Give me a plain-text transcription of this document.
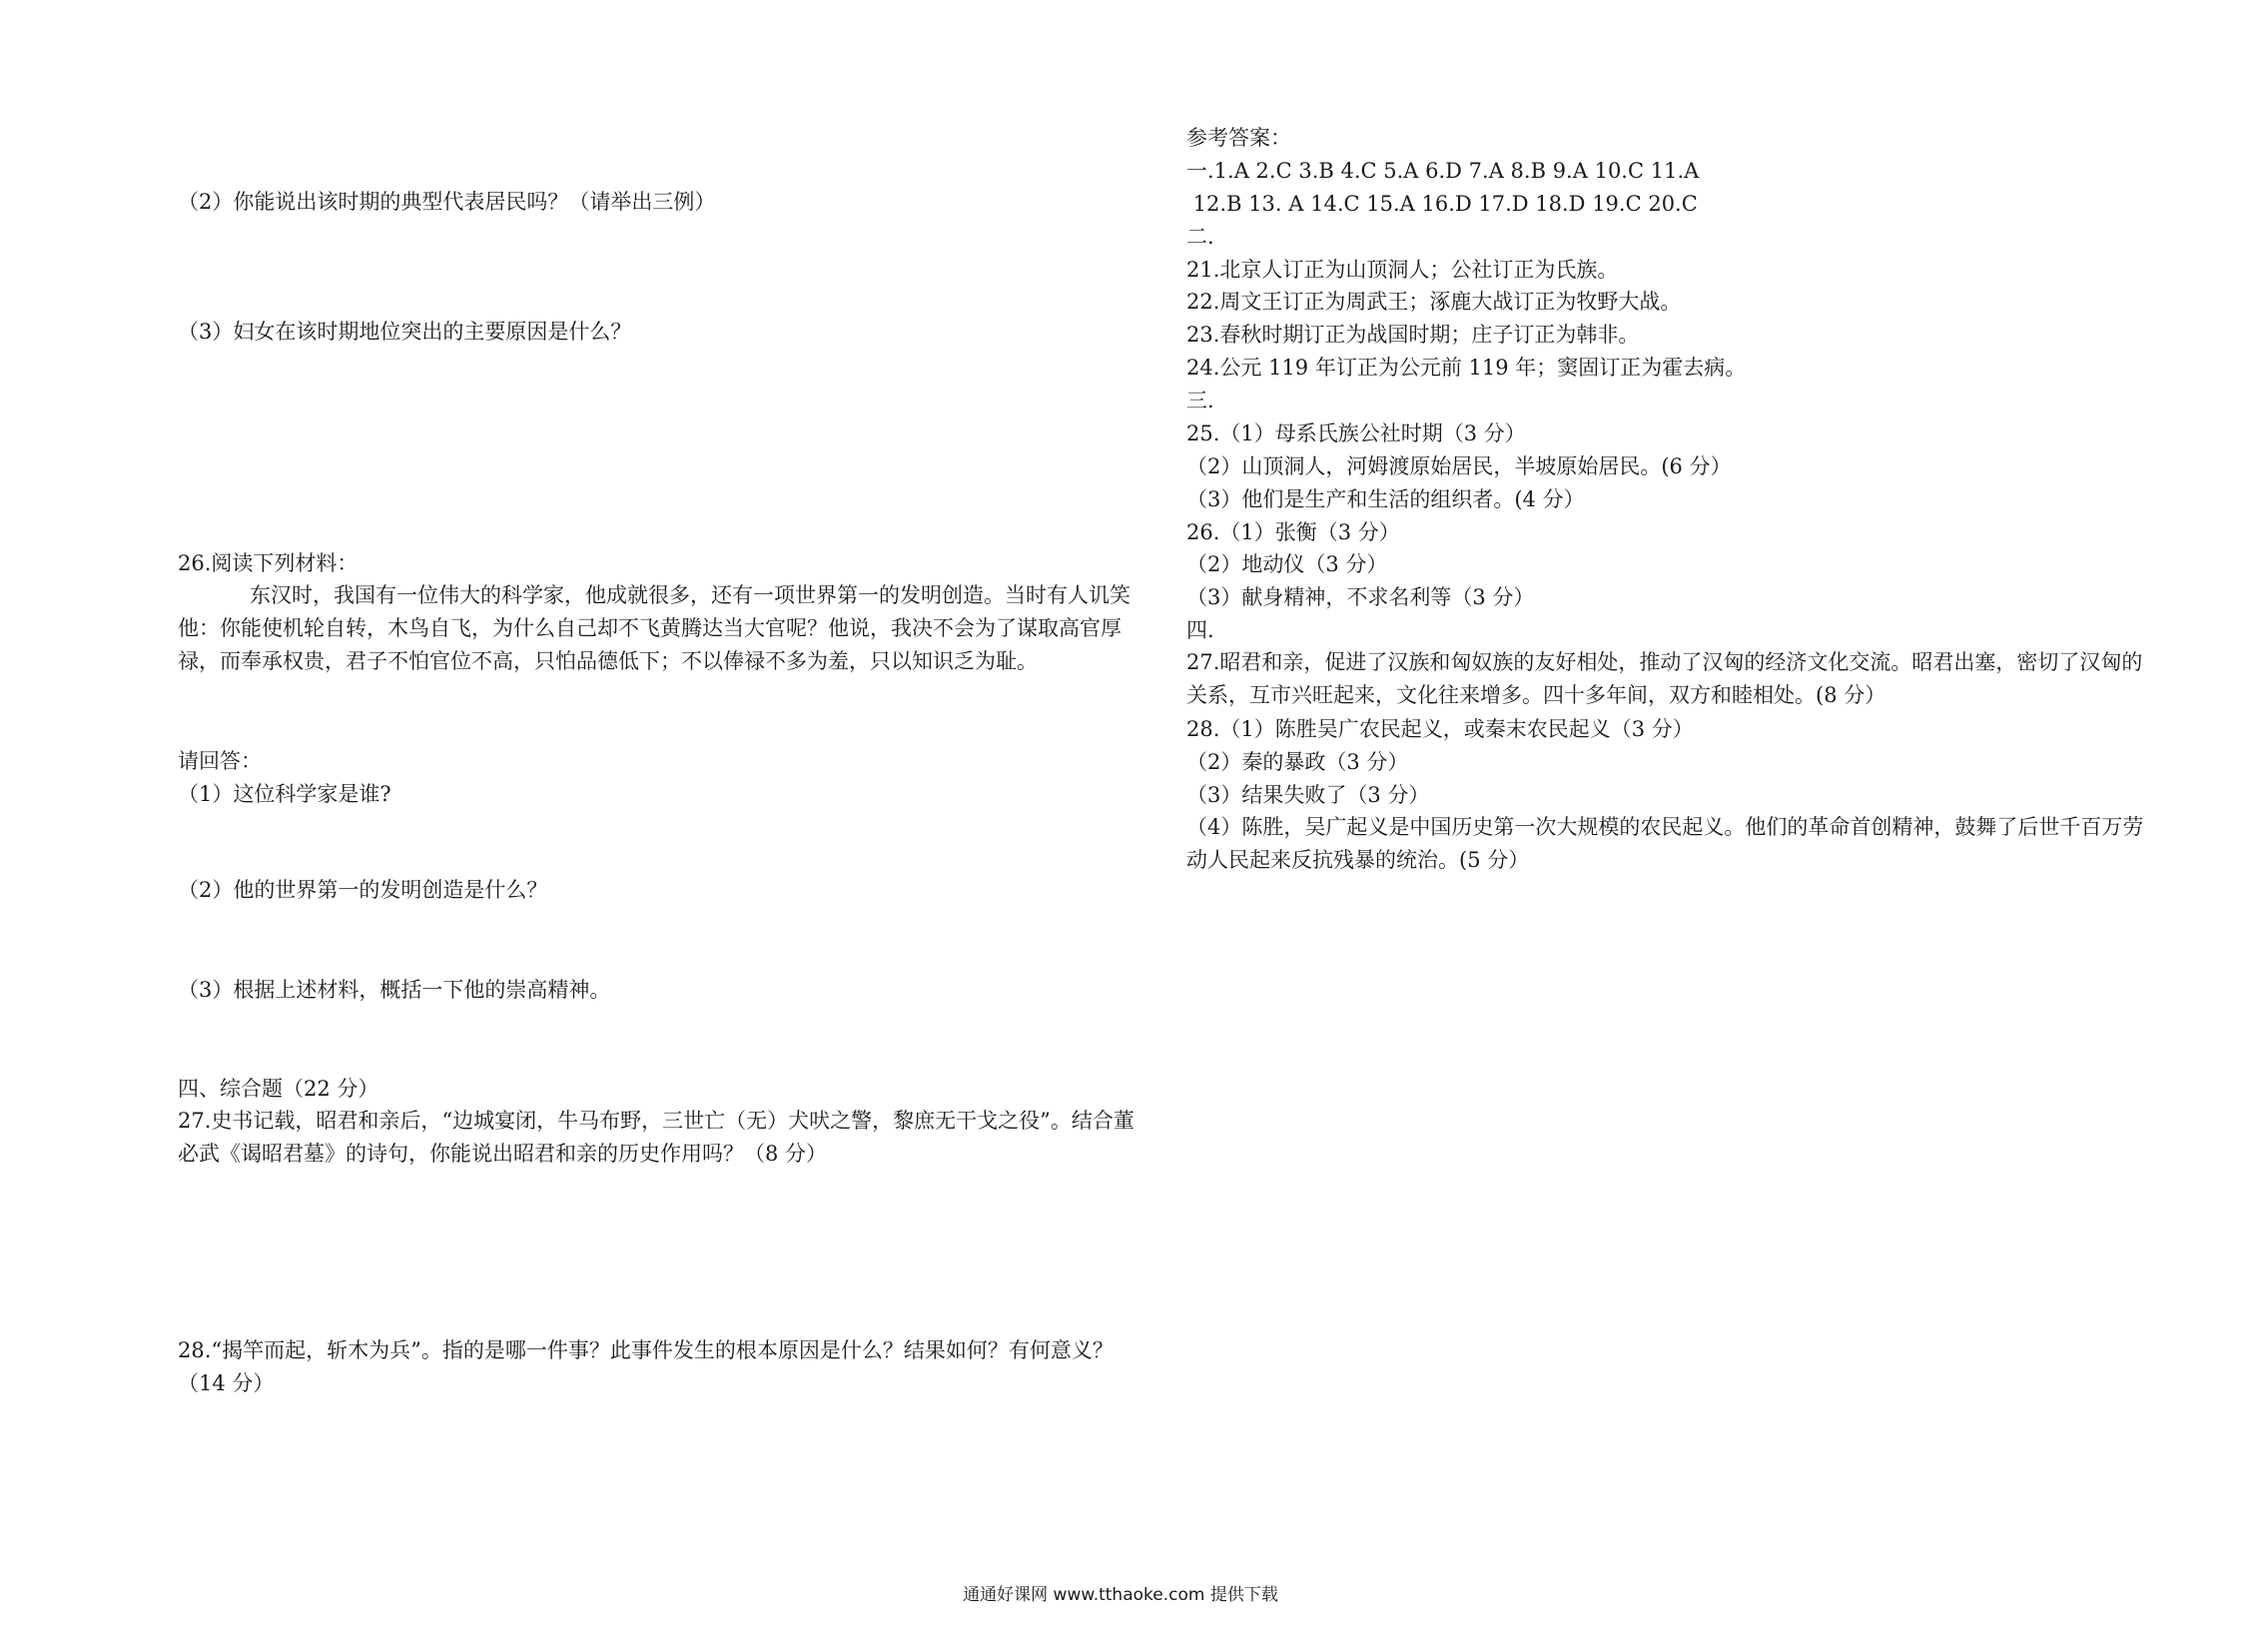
（2）你能说出该时期的典型代表居民吗？（请举出三例）
（3）妇女在该时期地位突出的主要原因是什么？
26.阅读下列材料：
东汉时，我国有一位伟大的科学家，他成就很多，还有一项世界第一的发明创造。当时有人讥笑他：你能使机轮自转，木鸟自飞，为什么自己却不飞黄腾达当大官呢？他说，我决不会为了谋取高官厚禄，而奉承权贵，君子不怕官位不高，只怕品德低下；不以俸禄不多为羞，只以知识乏为耻。
请回答：
（1）这位科学家是谁?
（2）他的世界第一的发明创造是什么？
（3）根据上述材料，概括一下他的崇高精神。
四、综合题（22 分）
27.史书记载，昭君和亲后，“边城宴闭，牛马布野，三世亡（无）犬吠之警，黎庶无干戈之役”。结合董必武《谒昭君墓》的诗句，你能说出昭君和亲的历史作用吗？（8 分）
28.“揭竿而起，斩木为兵”。指的是哪一件事？此事件发生的根本原因是什么？结果如何？有何意义？（14 分）
参考答案：
一.1.A 2.C 3.B 4.C 5.A 6.D 7.A 8.B 9.A 10.C 11.A
12.B 13. A 14.C 15.A 16.D 17.D 18.D 19.C 20.C
二.
21.北京人订正为山顶洞人；公社订正为氏族。
22.周文王订正为周武王；涿鹿大战订正为牧野大战。
23.春秋时期订正为战国时期；庄子订正为韩非。
24.公元 119 年订正为公元前 119 年；窦固订正为霍去病。
三.
25.（1）母系氏族公社时期（3 分）
（2）山顶洞人，河姆渡原始居民，半坡原始居民。(6 分）
（3）他们是生产和生活的组织者。(4 分）
26.（1）张衡（3 分）
（2）地动仪（3 分）
（3）献身精神，不求名利等（3 分）
四.
27.昭君和亲，促进了汉族和匈奴族的友好相处，推动了汉匈的经济文化交流。昭君出塞，密切了汉匈的关系，互市兴旺起来，文化往来增多。四十多年间，双方和睦相处。(8 分）
28.（1）陈胜吴广农民起义，或秦末农民起义（3 分）
（2）秦的暴政（3 分）
（3）结果失败了（3 分）
（4）陈胜，吴广起义是中国历史第一次大规模的农民起义。他们的革命首创精神，鼓舞了后世千百万劳动人民起来反抗残暴的统治。(5 分）
通通好课网 www.tthaoke.com 提供下载
